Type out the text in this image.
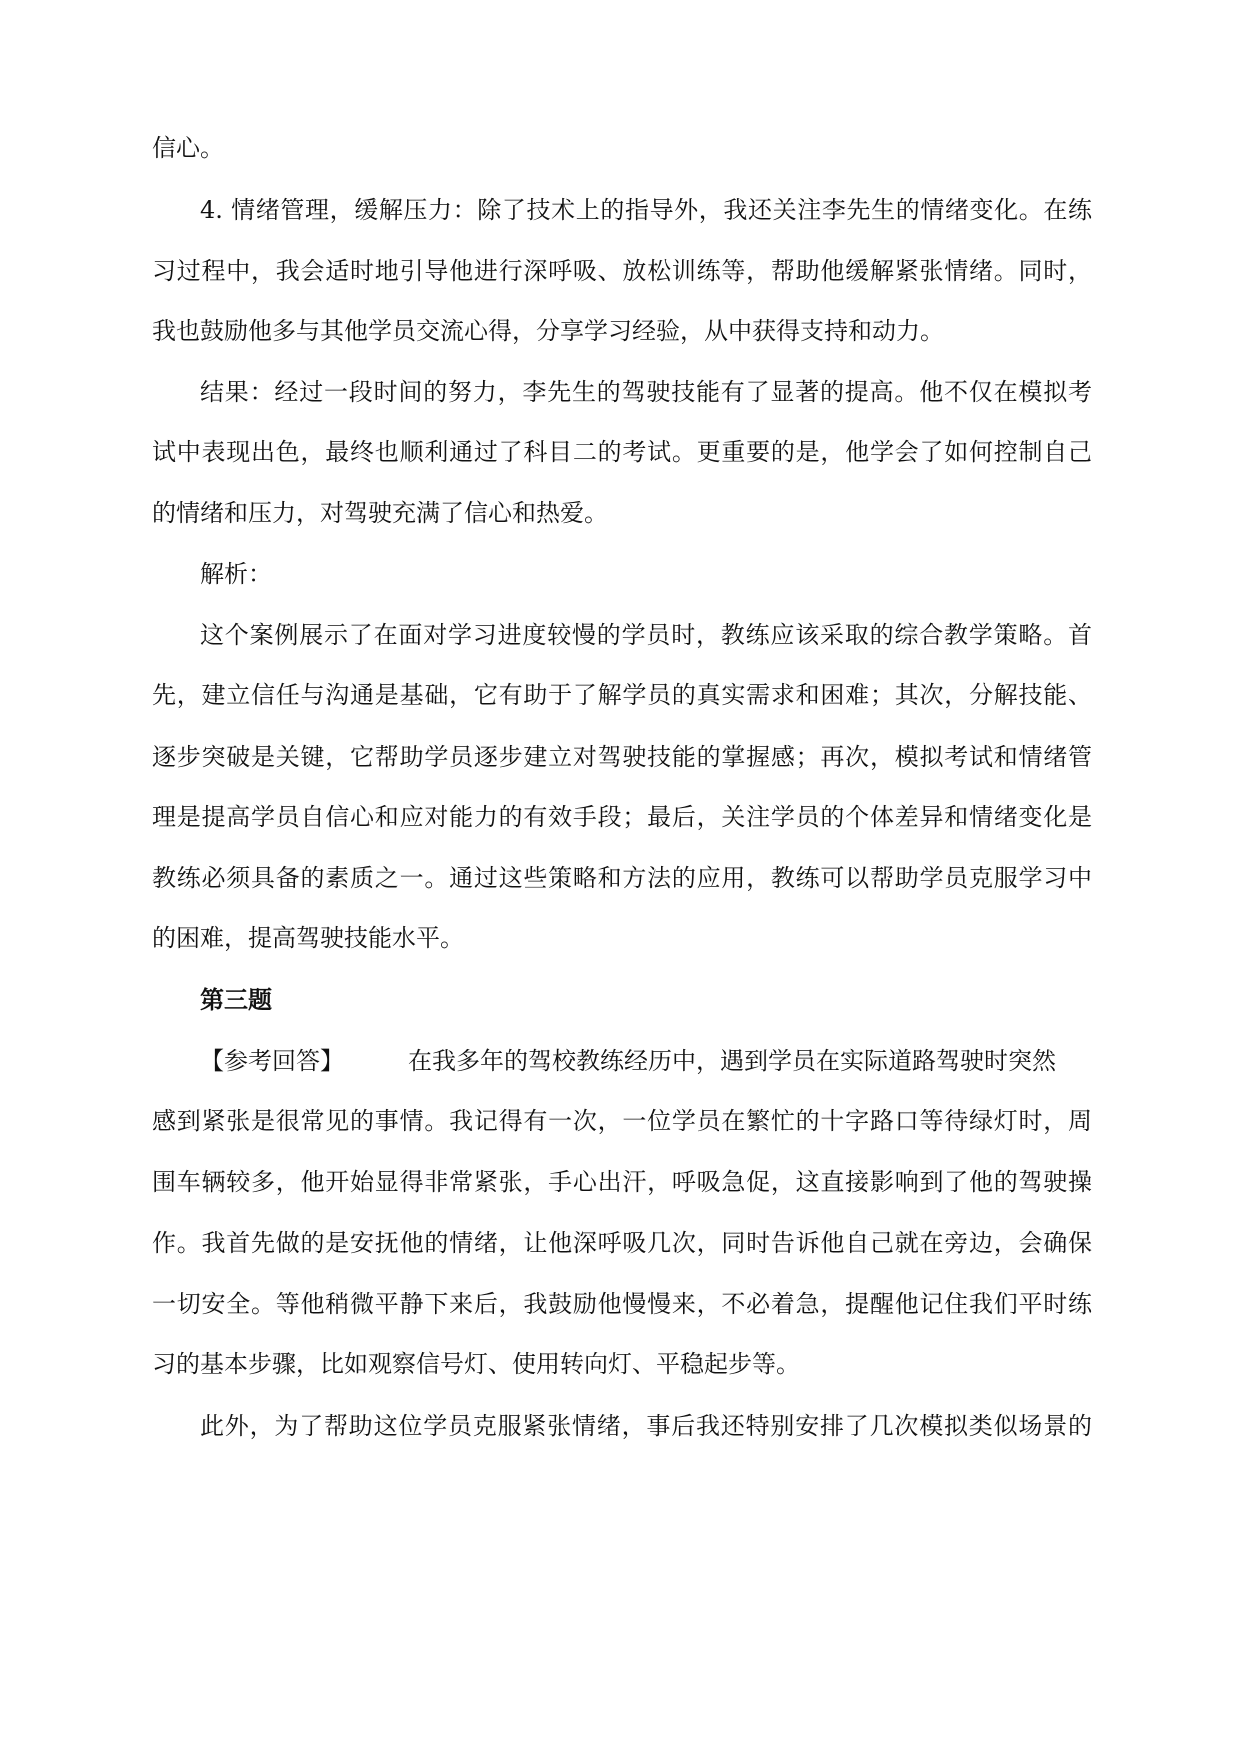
信心。
4. 情绪管理，缓解压力：除了技术上的指导外，我还关注李先生的情绪变化。在练
习过程中，我会适时地引导他进行深呼吸、放松训练等，帮助他缓解紧张情绪。同时，
我也鼓励他多与其他学员交流心得，分享学习经验，从中获得支持和动力。
结果：经过一段时间的努力，李先生的驾驶技能有了显著的提高。他不仅在模拟考
试中表现出色，最终也顺利通过了科目二的考试。更重要的是，他学会了如何控制自己
的情绪和压力，对驾驶充满了信心和热爱。
解析：
这个案例展示了在面对学习进度较慢的学员时，教练应该采取的综合教学策略。首
先，建立信任与沟通是基础，它有助于了解学员的真实需求和困难；其次，分解技能、
逐步突破是关键，它帮助学员逐步建立对驾驶技能的掌握感；再次，模拟考试和情绪管
理是提高学员自信心和应对能力的有效手段；最后，关注学员的个体差异和情绪变化是
教练必须具备的素质之一。通过这些策略和方法的应用，教练可以帮助学员克服学习中
的困难，提高驾驶技能水平。
第三题
【参考回答】	在我多年的驾校教练经历中，遇到学员在实际道路驾驶时突然
感到紧张是很常见的事情。我记得有一次，一位学员在繁忙的十字路口等待绿灯时，周
围车辆较多，他开始显得非常紧张，手心出汗，呼吸急促，这直接影响到了他的驾驶操
作。我首先做的是安抚他的情绪，让他深呼吸几次，同时告诉他自己就在旁边，会确保
一切安全。等他稍微平静下来后，我鼓励他慢慢来，不必着急，提醒他记住我们平时练
习的基本步骤，比如观察信号灯、使用转向灯、平稳起步等。
此外，为了帮助这位学员克服紧张情绪，事后我还特别安排了几次模拟类似场景的
